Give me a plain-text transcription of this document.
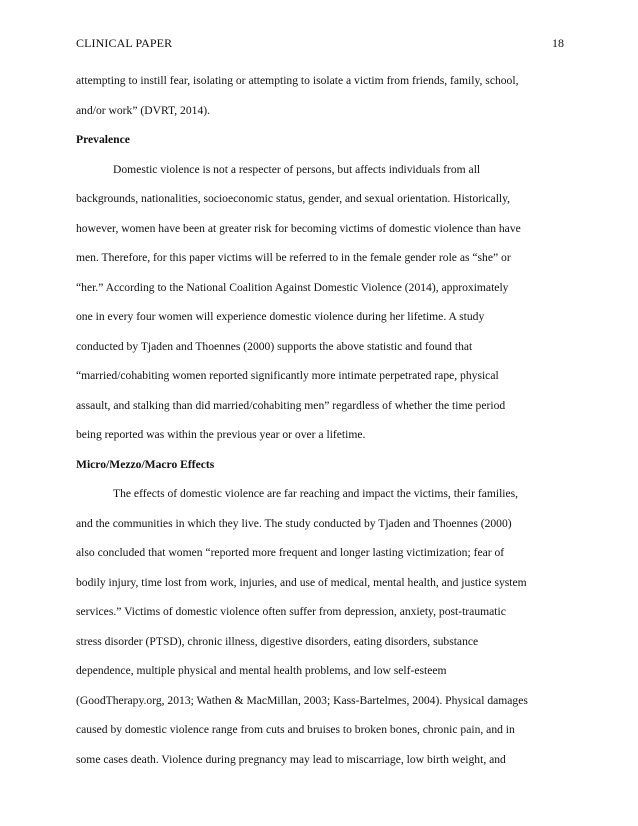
CLINICAL PAPER	18
attempting to instill fear, isolating or attempting to isolate a victim from friends, family, school,
and/or work” (DVRT, 2014).
Prevalence
Domestic violence is not a respecter of persons, but affects individuals from all
backgrounds, nationalities, socioeconomic status, gender, and sexual orientation. Historically,
however, women have been at greater risk for becoming victims of domestic violence than have
men. Therefore, for this paper victims will be referred to in the female gender role as “she” or
“her.” According to the National Coalition Against Domestic Violence (2014), approximately
one in every four women will experience domestic violence during her lifetime. A study
conducted by Tjaden and Thoennes (2000) supports the above statistic and found that
“married/cohabiting women reported significantly more intimate perpetrated rape, physical
assault, and stalking than did married/cohabiting men” regardless of whether the time period
being reported was within the previous year or over a lifetime.
Micro/Mezzo/Macro Effects
The effects of domestic violence are far reaching and impact the victims, their families,
and the communities in which they live. The study conducted by Tjaden and Thoennes (2000)
also concluded that women “reported more frequent and longer lasting victimization; fear of
bodily injury, time lost from work, injuries, and use of medical, mental health, and justice system
services.” Victims of domestic violence often suffer from depression, anxiety, post-traumatic
stress disorder (PTSD), chronic illness, digestive disorders, eating disorders, substance
dependence, multiple physical and mental health problems, and low self-esteem
(GoodTherapy.org, 2013; Wathen & MacMillan, 2003; Kass-Bartelmes, 2004). Physical damages
caused by domestic violence range from cuts and bruises to broken bones, chronic pain, and in
some cases death. Violence during pregnancy may lead to miscarriage, low birth weight, and
